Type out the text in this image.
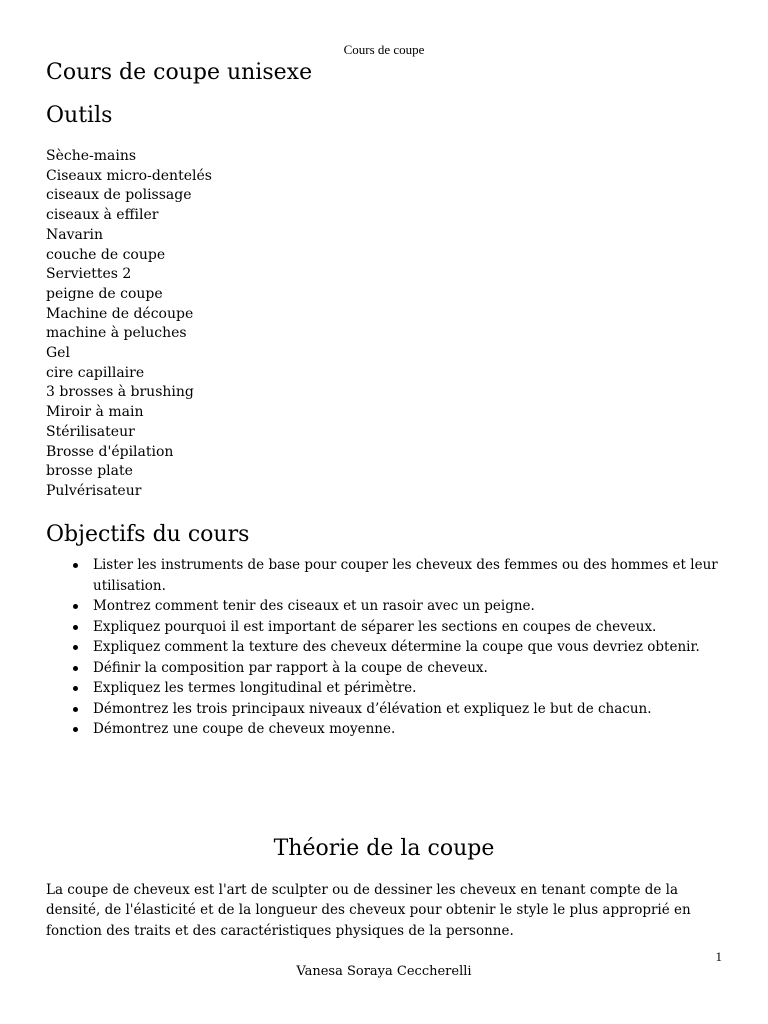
Cours de coupe
Cours de coupe unisexe
Outils
Sèche-mains
Ciseaux micro-dentelés
ciseaux de polissage
ciseaux à effiler
Navarin
couche de coupe
Serviettes 2
peigne de coupe
Machine de découpe
machine à peluches
Gel
cire capillaire
3 brosses à brushing
Miroir à main
Stérilisateur
Brosse d'épilation
brosse plate
Pulvérisateur
Objectifs du cours
Lister les instruments de base pour couper les cheveux des femmes ou des hommes et leur utilisation.
Montrez comment tenir des ciseaux et un rasoir avec un peigne.
Expliquez pourquoi il est important de séparer les sections en coupes de cheveux.
Expliquez comment la texture des cheveux détermine la coupe que vous devriez obtenir.
Définir la composition par rapport à la coupe de cheveux.
Expliquez les termes longitudinal et périmètre.
Démontrez les trois principaux niveaux d’élévation et expliquez le but de chacun.
Démontrez une coupe de cheveux moyenne.
Théorie de la coupe

La coupe de cheveux est l'art de sculpter ou de dessiner les cheveux en tenant compte de la densité, de l'élasticité et de la longueur des cheveux pour obtenir le style le plus approprié en fonction des traits et des caractéristiques physiques de la personne.

1
Vanesa Soraya Ceccherelli
